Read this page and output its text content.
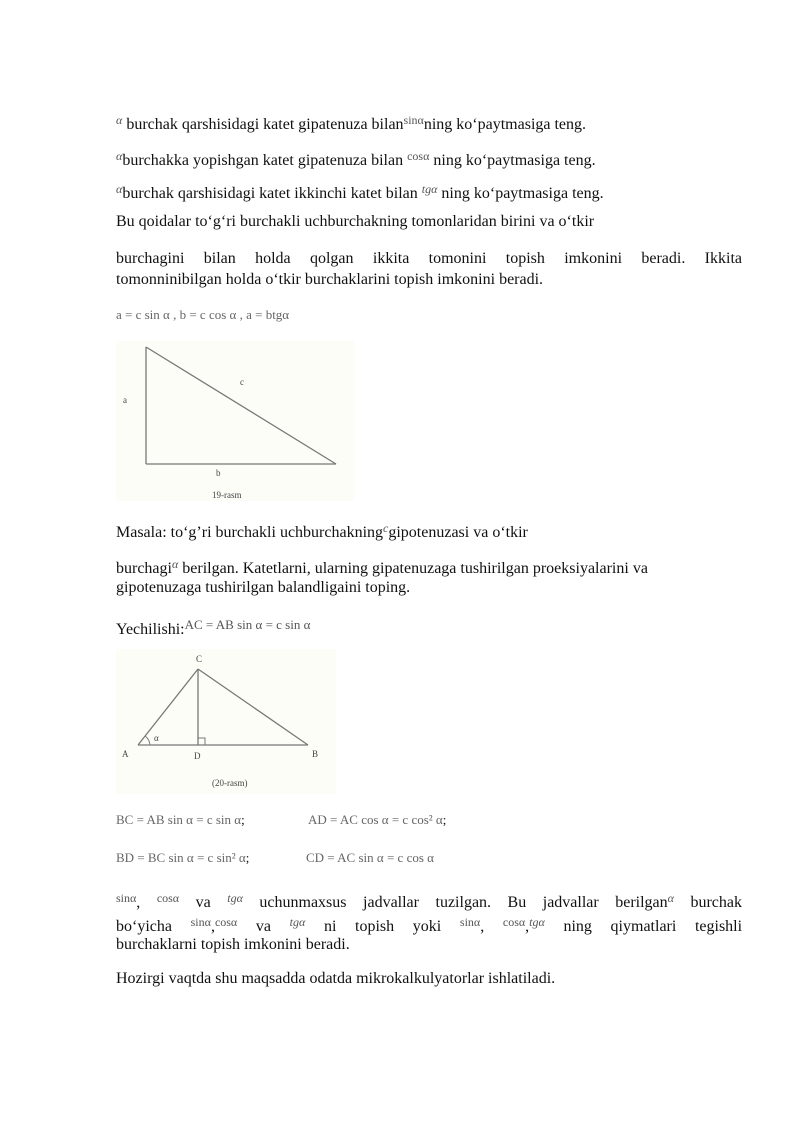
$^\alpha$ burchak qarshisidagi katet gipatenuza bilan$^{sin\alpha}$ning ko‘paytmasiga teng.
$^\alpha$burchakka yopishgan katet gipatenuza bilan $^{cos\alpha}$ ning ko‘paytmasiga teng.
$^\alpha$burchak qarshisidagi katet ikkinchi katet bilan $^{tg\alpha}$ ning ko‘paytmasiga teng.
Bu qoidalar to‘g‘ri burchakli uchburchakning tomonlaridan birini va o‘tkir
burchagini bilan holda qolgan ikkita tomonini topish imkonini beradi. Ikkita
tomonninibilgan holda o‘tkir burchaklarini topish imkonini beradi.
a = c sin α , b = c cos α , a = btgα
a
c
b
19-rasm
Masala: to‘g’ri burchakli uchburchakning$^c$gipotenuzasi va o‘tkir
burchagi$^\alpha$ berilgan. Katetlarni, ularning gipatenuzaga tushirilgan proeksiyalarini va
gipotenuzaga tushirilgan balandligaini toping.
Yechilishi:$^{AC = AB sin \alpha = c sin \alpha}$
C
A	D	B
α
(20-rasm)
BC = AB sin α = c sin α;	AD = AC cos α = c cos² α;
BD = BC sin α = c sin² α;	CD = AC sin α = c cos α
$^{sin\alpha}$, $^{cos\alpha}$ va $^{tg\alpha}$ uchunmaxsus jadvallar tuzilgan. Bu jadvallar berilgan$^\alpha$ burchak
bo‘yicha $^{sin\alpha}$,$^{cos\alpha}$ va $^{tg\alpha}$ ni topish yoki $^{sin\alpha}$, $^{cos\alpha}$,$^{tg\alpha}$ ning qiymatlari tegishli
burchaklarni topish imkonini beradi.
Hozirgi vaqtda shu maqsadda odatda mikrokalkulyatorlar ishlatiladi.
